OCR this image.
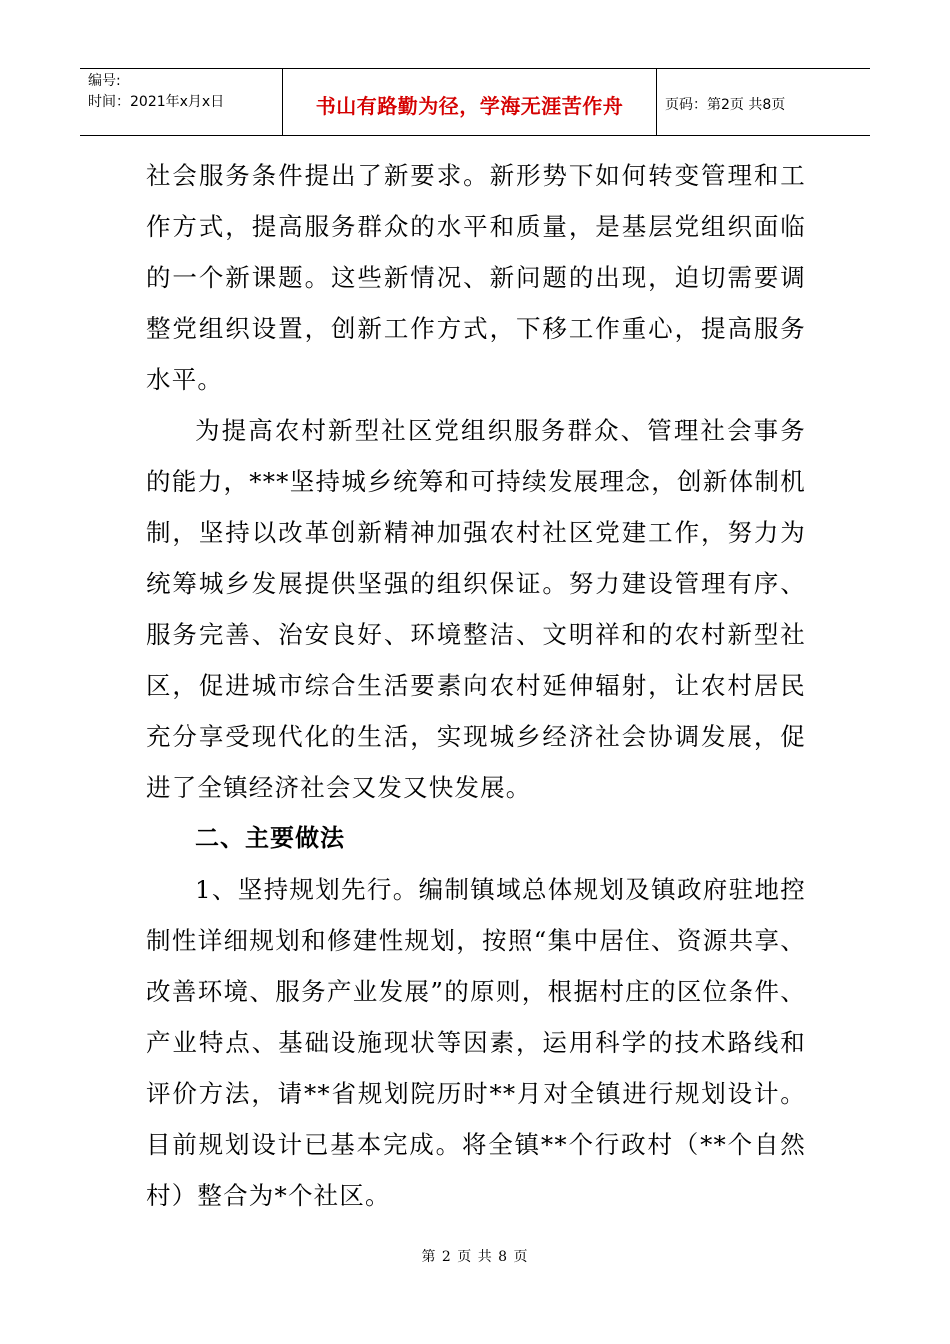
编号:
时间：2021年x月x日	书山有路勤为径，学海无涯苦作舟	页码：第2页 共8页

社会服务条件提出了新要求。新形势下如何转变管理和工作方式，提高服务群众的水平和质量，是基层党组织面临的一个新课题。这些新情况、新问题的出现，迫切需要调整党组织设置，创新工作方式，下移工作重心，提高服务水平。

为提高农村新型社区党组织服务群众、管理社会事务的能力，***坚持城乡统筹和可持续发展理念，创新体制机制，坚持以改革创新精神加强农村社区党建工作，努力为统筹城乡发展提供坚强的组织保证。努力建设管理有序、服务完善、治安良好、环境整洁、文明祥和的农村新型社区，促进城市综合生活要素向农村延伸辐射，让农村居民充分享受现代化的生活，实现城乡经济社会协调发展，促进了全镇经济社会又发又快发展。

二、主要做法

1、坚持规划先行。编制镇域总体规划及镇政府驻地控制性详细规划和修建性规划，按照“集中居住、资源共享、改善环境、服务产业发展”的原则，根据村庄的区位条件、产业特点、基础设施现状等因素，运用科学的技术路线和评价方法，请**省规划院历时**月对全镇进行规划设计。目前规划设计已基本完成。将全镇**个行政村（**个自然村）整合为*个社区。

第 2 页 共 8 页
